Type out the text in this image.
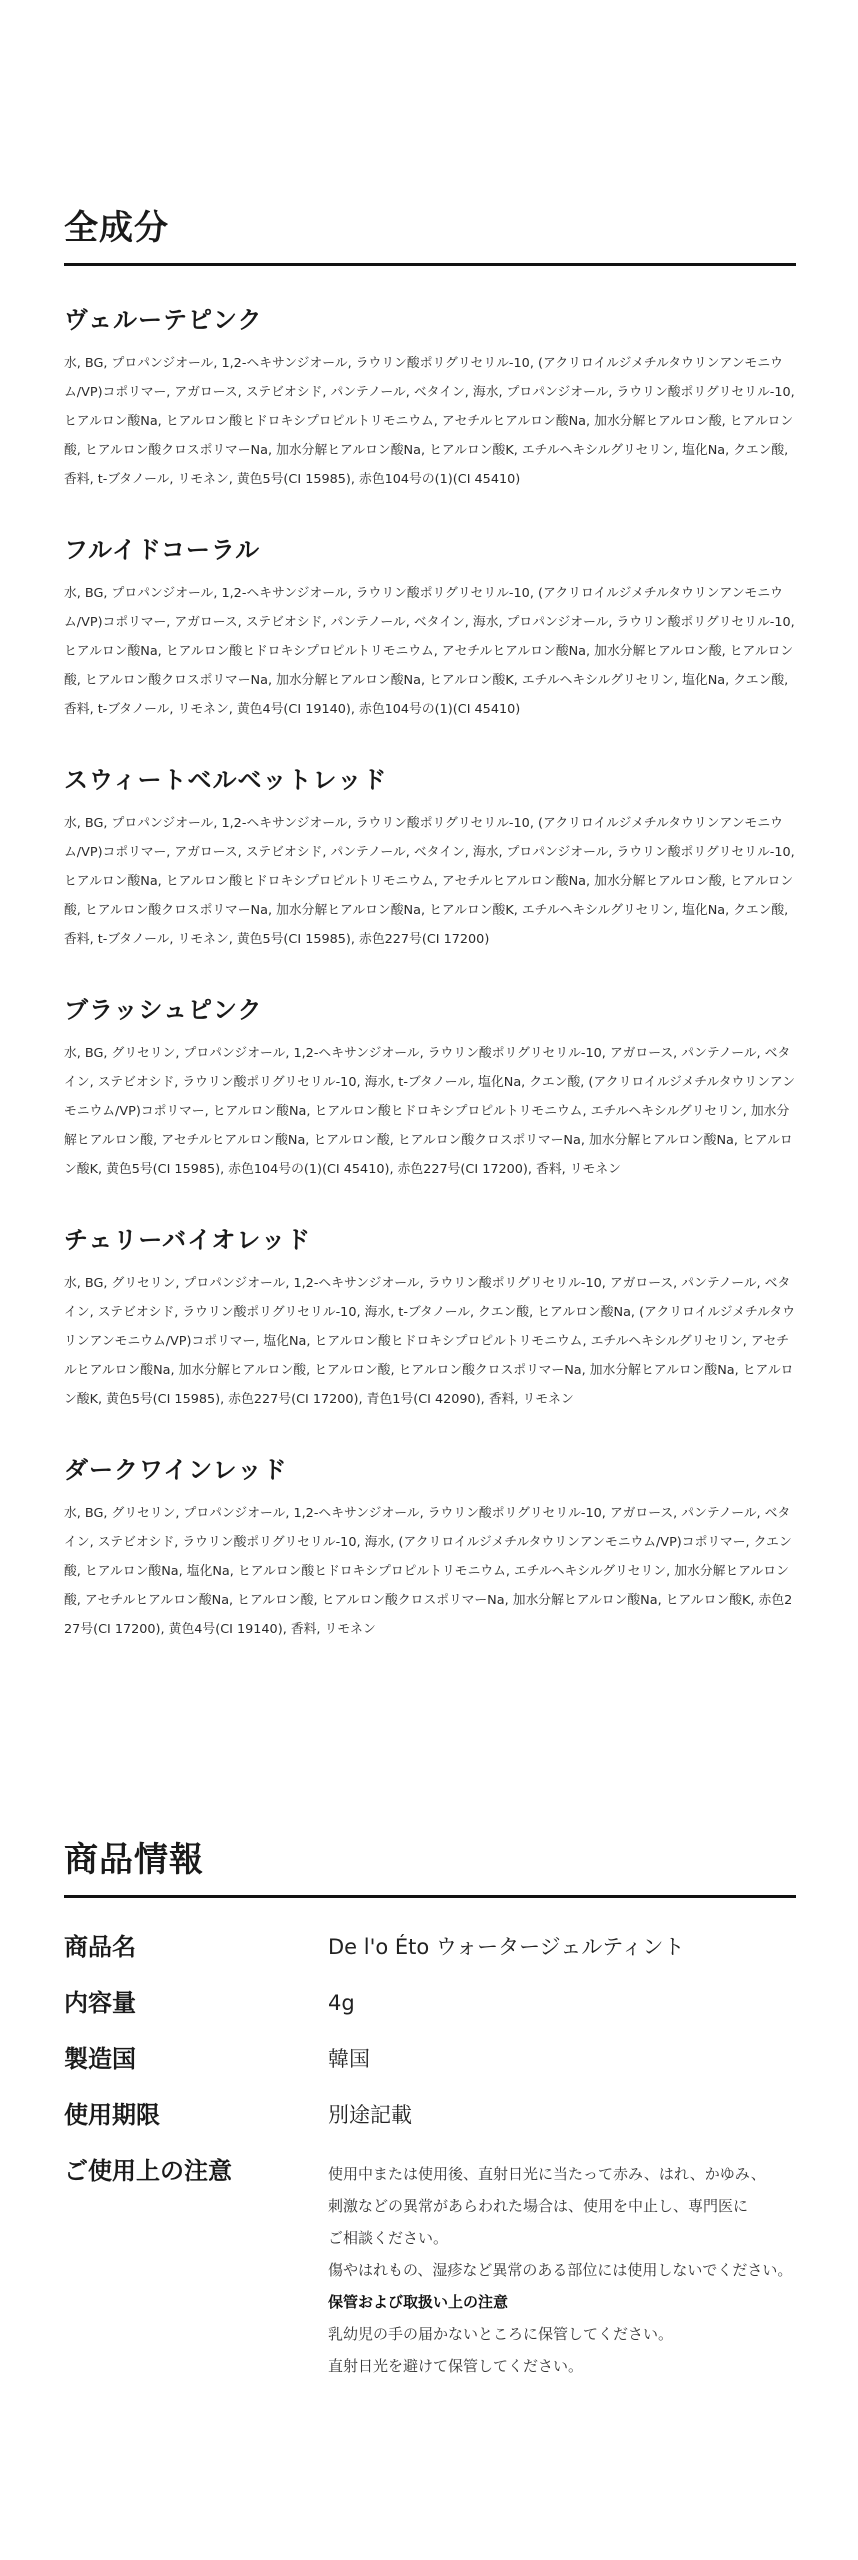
全成分
ヴェルーテピンク

水, BG, プロパンジオール, 1,2-ヘキサンジオール, ラウリン酸ポリグリセリル-10, (アクリロイルジメチルタウリンアンモニウム/VP)コポリマー, アガロース, ステビオシド, パンテノール, ベタイン, 海水, プロパンジオール, ラウリン酸ポリグリセリル-10, ヒアルロン酸Na, ヒアルロン酸ヒドロキシプロピルトリモニウム, アセチルヒアルロン酸Na, 加水分解ヒアルロン酸, ヒアルロン酸, ヒアルロン酸クロスポリマーNa, 加水分解ヒアルロン酸Na, ヒアルロン酸K, エチルヘキシルグリセリン, 塩化Na, クエン酸, 香料, t-ブタノール, リモネン, 黄色5号(CI 15985), 赤色104号の(1)(CI 45410)

フルイドコーラル

水, BG, プロパンジオール, 1,2-ヘキサンジオール, ラウリン酸ポリグリセリル-10, (アクリロイルジメチルタウリンアンモニウム/VP)コポリマー, アガロース, ステビオシド, パンテノール, ベタイン, 海水, プロパンジオール, ラウリン酸ポリグリセリル-10, ヒアルロン酸Na, ヒアルロン酸ヒドロキシプロピルトリモニウム, アセチルヒアルロン酸Na, 加水分解ヒアルロン酸, ヒアルロン酸, ヒアルロン酸クロスポリマーNa, 加水分解ヒアルロン酸Na, ヒアルロン酸K, エチルヘキシルグリセリン, 塩化Na, クエン酸, 香料, t-ブタノール, リモネン, 黄色4号(CI 19140), 赤色104号の(1)(CI 45410)

スウィートベルベットレッド

水, BG, プロパンジオール, 1,2-ヘキサンジオール, ラウリン酸ポリグリセリル-10, (アクリロイルジメチルタウリンアンモニウム/VP)コポリマー, アガロース, ステビオシド, パンテノール, ベタイン, 海水, プロパンジオール, ラウリン酸ポリグリセリル-10, ヒアルロン酸Na, ヒアルロン酸ヒドロキシプロピルトリモニウム, アセチルヒアルロン酸Na, 加水分解ヒアルロン酸, ヒアルロン酸, ヒアルロン酸クロスポリマーNa, 加水分解ヒアルロン酸Na, ヒアルロン酸K, エチルヘキシルグリセリン, 塩化Na, クエン酸, 香料, t-ブタノール, リモネン, 黄色5号(CI 15985), 赤色227号(CI 17200)

ブラッシュピンク

水, BG, グリセリン, プロパンジオール, 1,2-ヘキサンジオール, ラウリン酸ポリグリセリル-10, アガロース, パンテノール, ベタイン, ステビオシド, ラウリン酸ポリグリセリル-10, 海水, t-ブタノール, 塩化Na, クエン酸, (アクリロイルジメチルタウリンアンモニウム/VP)コポリマー, ヒアルロン酸Na, ヒアルロン酸ヒドロキシプロピルトリモニウム, エチルヘキシルグリセリン, 加水分解ヒアルロン酸, アセチルヒアルロン酸Na, ヒアルロン酸, ヒアルロン酸クロスポリマーNa, 加水分解ヒアルロン酸Na, ヒアルロン酸K, 黄色5号(CI 15985), 赤色104号の(1)(CI 45410), 赤色227号(CI 17200), 香料, リモネン

チェリーバイオレッド

水, BG, グリセリン, プロパンジオール, 1,2-ヘキサンジオール, ラウリン酸ポリグリセリル-10, アガロース, パンテノール, ベタイン, ステビオシド, ラウリン酸ポリグリセリル-10, 海水, t-ブタノール, クエン酸, ヒアルロン酸Na, (アクリロイルジメチルタウリンアンモニウム/VP)コポリマー, 塩化Na, ヒアルロン酸ヒドロキシプロピルトリモニウム, エチルヘキシルグリセリン, アセチルヒアルロン酸Na, 加水分解ヒアルロン酸, ヒアルロン酸, ヒアルロン酸クロスポリマーNa, 加水分解ヒアルロン酸Na, ヒアルロン酸K, 黄色5号(CI 15985), 赤色227号(CI 17200), 青色1号(CI 42090), 香料, リモネン

ダークワインレッド

水, BG, グリセリン, プロパンジオール, 1,2-ヘキサンジオール, ラウリン酸ポリグリセリル-10, アガロース, パンテノール, ベタイン, ステビオシド, ラウリン酸ポリグリセリル-10, 海水, (アクリロイルジメチルタウリンアンモニウム/VP)コポリマー, クエン酸, ヒアルロン酸Na, 塩化Na, ヒアルロン酸ヒドロキシプロピルトリモニウム, エチルヘキシルグリセリン, 加水分解ヒアルロン酸, アセチルヒアルロン酸Na, ヒアルロン酸, ヒアルロン酸クロスポリマーNa, 加水分解ヒアルロン酸Na, ヒアルロン酸K, 赤色227号(CI 17200), 黄色4号(CI 19140), 香料, リモネン

商品情報
商品名	De l'o Éto ウォータージェルティント
内容量	4g
製造国	韓国
使用期限	別途記載
ご使用上の注意	使用中または使用後、直射日光に当たって赤み、はれ、かゆみ、
刺激などの異常があらわれた場合は、使用を中止し、専門医に
ご相談ください。
傷やはれもの、湿疹など異常のある部位には使用しないでください。
保管および取扱い上の注意
乳幼児の手の届かないところに保管してください。
直射日光を避けて保管してください。
